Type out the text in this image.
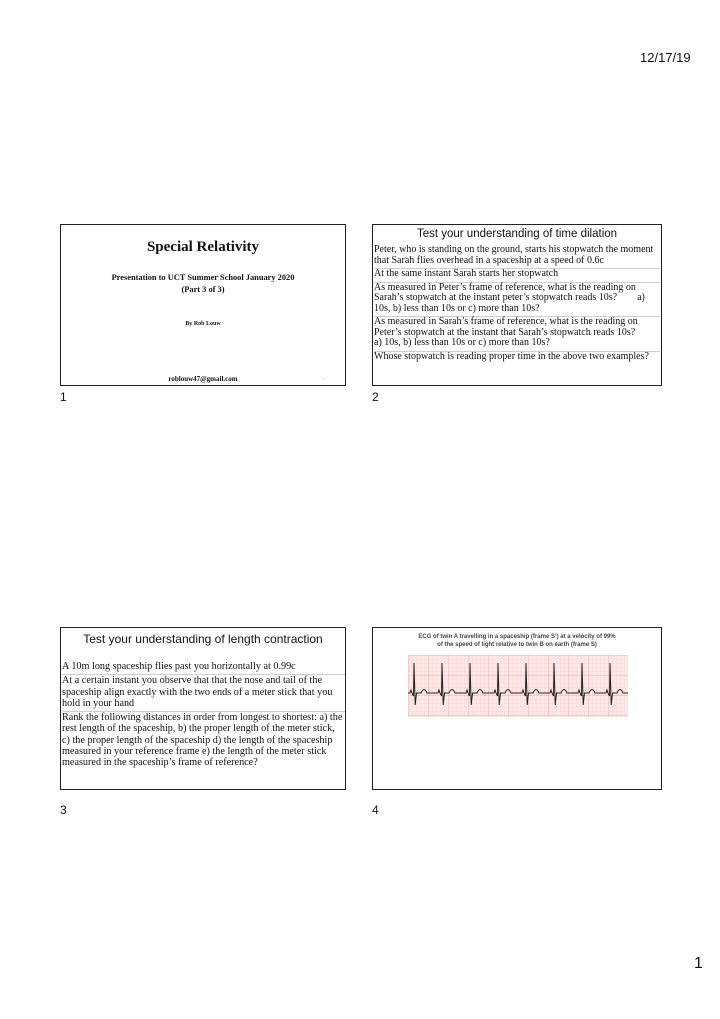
12/17/19
Special Relativity
Presentation to UCT Summer School January 2020
(Part 3 of 3)
By Rob Louw
roblouw47@gmail.com	1
1
Test your understanding of time dilation

Peter, who is standing on the ground, starts his stopwatch the moment that Sarah flies overhead in a spaceship at a speed of 0.6c

At the same instant Sarah starts her stopwatch

As measured in Peter’s frame of reference, what is the reading on Sarah’s stopwatch at the instant peter’s stopwatch reads 10s?        a) 10s, b) less than 10s or c) more than 10s?

As measured in Sarah’s frame of reference, what is the reading on Peter’s stopwatch at the instant that Sarah’s stopwatch reads 10s?        a) 10s, b) less than 10s or c) more than 10s?

Whose stopwatch is reading proper time in the above two examples?

2
Test your understanding of length contraction

A 10m long spaceship flies past you horizontally at 0.99c

At a certain instant you observe that that the nose and tail of the spaceship align exactly with the two ends of a meter stick that you hold in your hand

Rank the following distances in order from longest to shortest: a) the rest length of the spaceship, b) the proper length of the meter stick, c) the proper length of the spaceship d) the length of the spaceship measured in your reference frame e) the length of the meter stick measured in the spaceship’s frame of reference?

3
ECG of twin A travelling in a spaceship (frame S’) at a velocity of 99%
of the speed of light relative to twin B on earth (frame S)
4
1
